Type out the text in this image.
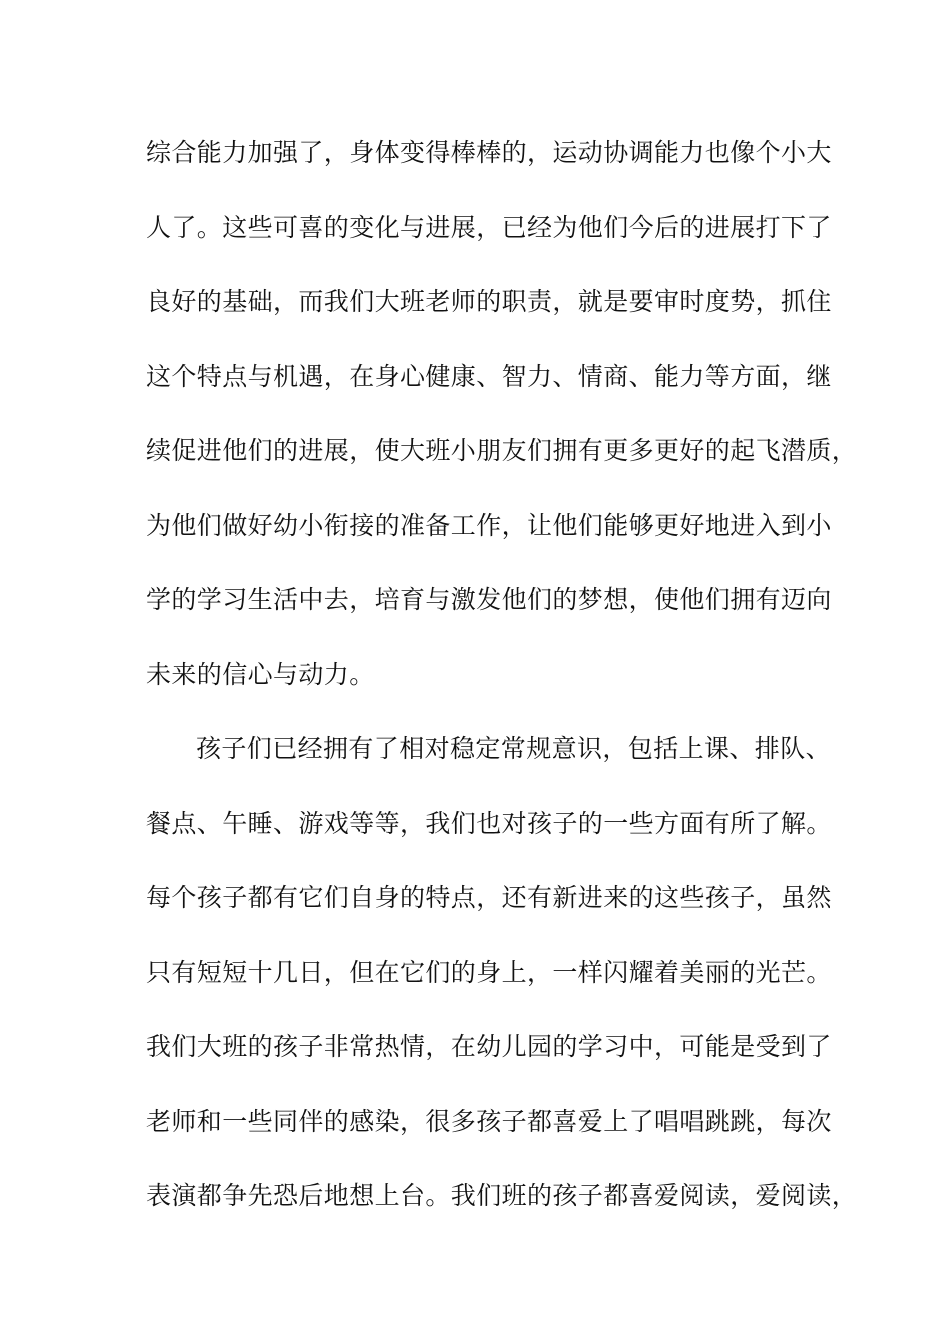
综合能力加强了，身体变得棒棒的，运动协调能力也像个小大
人了。这些可喜的变化与进展，已经为他们今后的进展打下了
良好的基础，而我们大班老师的职责，就是要审时度势，抓住
这个特点与机遇，在身心健康、智力、情商、能力等方面，继
续促进他们的进展，使大班小朋友们拥有更多更好的起飞潜质，
为他们做好幼小衔接的准备工作，让他们能够更好地进入到小
学的学习生活中去，培育与激发他们的梦想，使他们拥有迈向
未来的信心与动力。
孩子们已经拥有了相对稳定常规意识，包括上课、排队、
餐点、午睡、游戏等等，我们也对孩子的一些方面有所了解。
每个孩子都有它们自身的特点，还有新进来的这些孩子，虽然
只有短短十几日，但在它们的身上，一样闪耀着美丽的光芒。
我们大班的孩子非常热情，在幼儿园的学习中，可能是受到了
老师和一些同伴的感染，很多孩子都喜爱上了唱唱跳跳，每次
表演都争先恐后地想上台。我们班的孩子都喜爱阅读，爱阅读，
